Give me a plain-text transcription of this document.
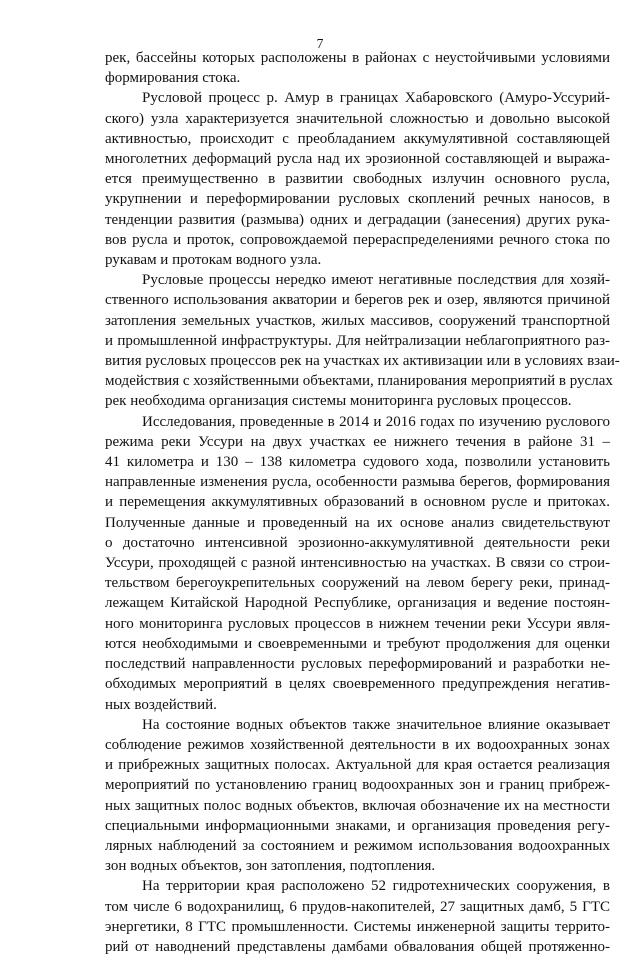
7
рек, бассейны которых расположены в районах с неустойчивыми условиями
формирования стока.
Русловой процесс р. Амур в границах Хабаровского (Амуро-Уссурий-
ского) узла характеризуется значительной сложностью и довольно высокой
активностью, происходит с преобладанием аккумулятивной составляющей
многолетних деформаций русла над их эрозионной составляющей и выража-
ется преимущественно в развитии свободных излучин основного русла,
укрупнении и переформировании русловых скоплений речных наносов, в
тенденции развития (размыва) одних и деградации (занесения) других рука-
вов русла и проток, сопровождаемой перераспределениями речного стока по
рукавам и протокам водного узла.
Русловые процессы нередко имеют негативные последствия для хозяй-
ственного использования акватории и берегов рек и озер, являются причиной
затопления земельных участков, жилых массивов, сооружений транспортной
и промышленной инфраструктуры. Для нейтрализации неблагоприятного раз-
вития русловых процессов рек на участках их активизации или в условиях взаи-
модействия с хозяйственными объектами, планирования мероприятий в руслах
рек необходима организация системы мониторинга русловых процессов.
Исследования, проведенные в 2014 и 2016 годах по изучению руслового
режима реки Уссури на двух участках ее нижнего течения в районе 31 –
41 километра и 130 – 138 километра судового хода, позволили установить
направленные изменения русла, особенности размыва берегов, формирования
и перемещения аккумулятивных образований в основном русле и притоках.
Полученные данные и проведенный на их основе анализ свидетельствуют
о достаточно интенсивной эрозионно-аккумулятивной деятельности реки
Уссури, проходящей с разной интенсивностью на участках. В связи со строи-
тельством берегоукрепительных сооружений на левом берегу реки, принад-
лежащем Китайской Народной Республике, организация и ведение постоян-
ного мониторинга русловых процессов в нижнем течении реки Уссури явля-
ются необходимыми и своевременными и требуют продолжения для оценки
последствий направленности русловых переформирований и разработки не-
обходимых мероприятий в целях своевременного предупреждения негатив-
ных воздействий.
На состояние водных объектов также значительное влияние оказывает
соблюдение режимов хозяйственной деятельности в их водоохранных зонах
и прибрежных защитных полосах. Актуальной для края остается реализация
мероприятий по установлению границ водоохранных зон и границ прибреж-
ных защитных полос водных объектов, включая обозначение их на местности
специальными информационными знаками, и организация проведения регу-
лярных наблюдений за состоянием и режимом использования водоохранных
зон водных объектов, зон затопления, подтопления.
На территории края расположено 52 гидротехнических сооружения, в
том числе 6 водохранилищ, 6 прудов-накопителей, 27 защитных дамб, 5 ГТС
энергетики, 8 ГТС промышленности. Системы инженерной защиты террито-
рий от наводнений представлены дамбами обвалования общей протяженно-
